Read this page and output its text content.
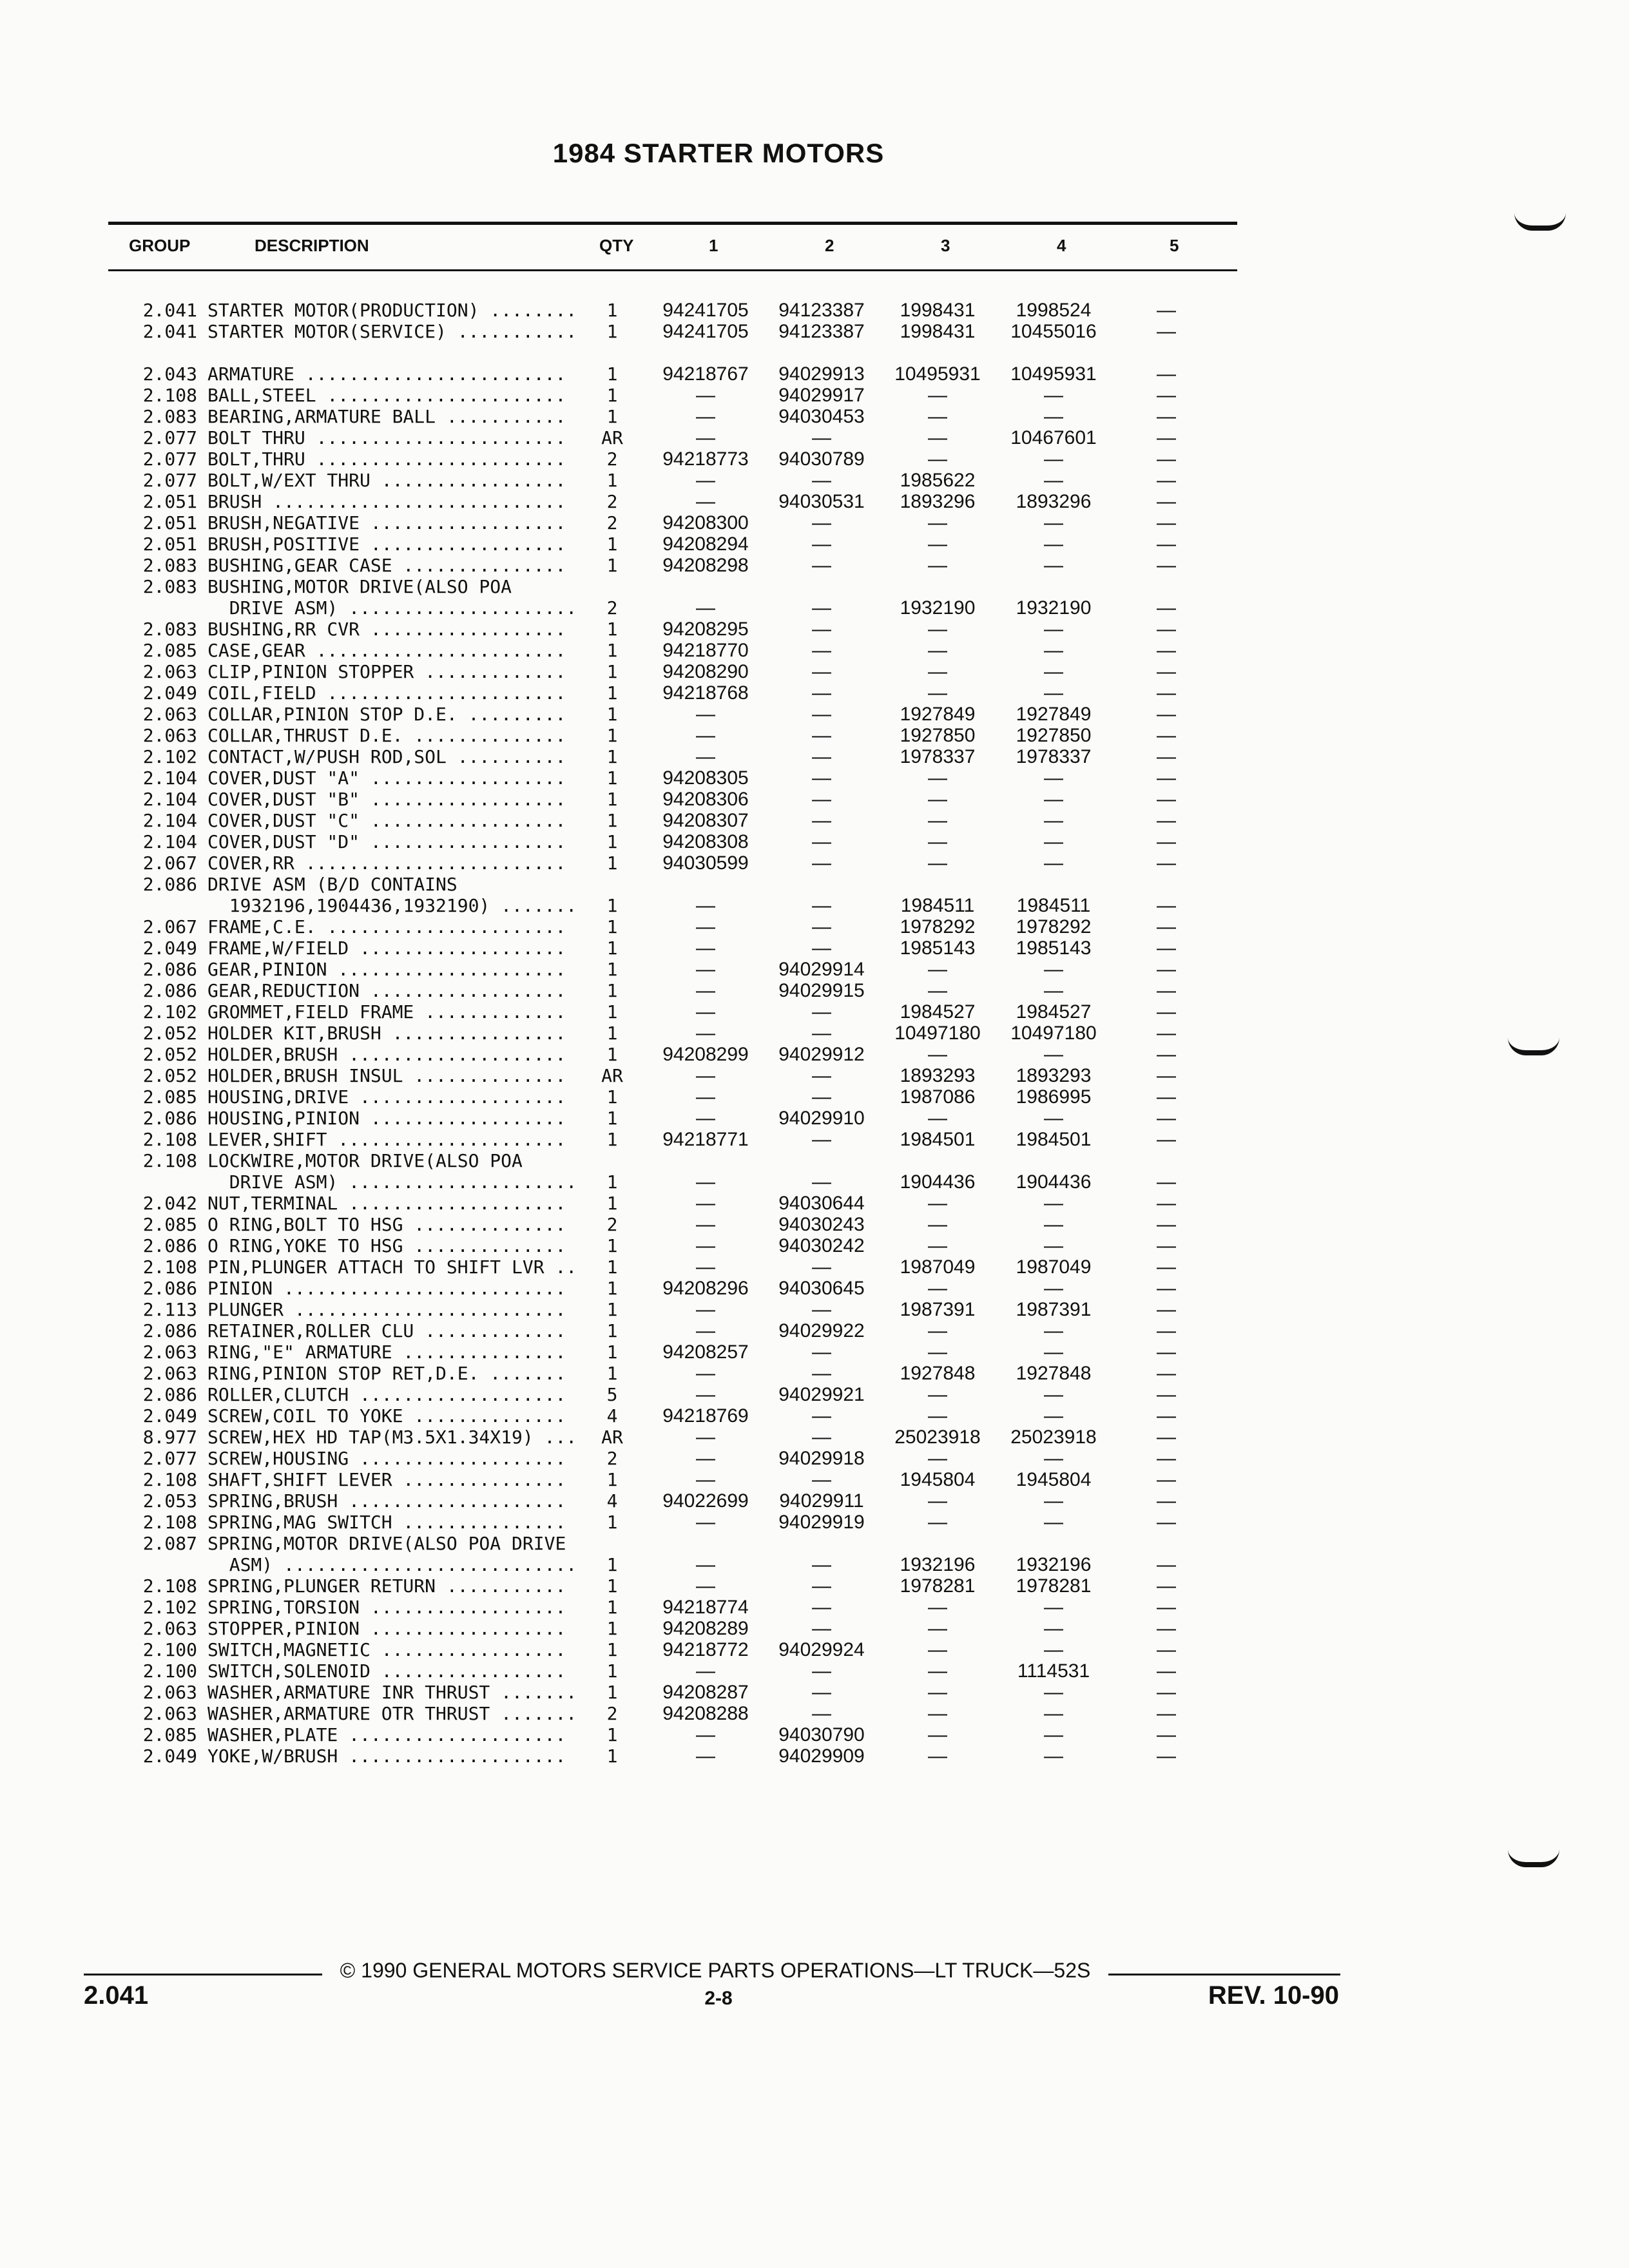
1984 STARTER MOTORS
GROUP	DESCRIPTION	QTY	1	2	3	4	5
2.041 STARTER MOTOR(PRODUCTION) ........	1	94241705	94123387	1998431	1998524	—
2.041 STARTER MOTOR(SERVICE) ...........	1	94241705	94123387	1998431	10455016	—
2.043 ARMATURE ........................	1	94218767	94029913	10495931	10495931	—
2.108 BALL,STEEL ......................	1	—	94029917	—	—	—
2.083 BEARING,ARMATURE BALL ...........	1	—	94030453	—	—	—
2.077 BOLT THRU .......................	AR	—	—	—	10467601	—
2.077 BOLT,THRU .......................	2	94218773	94030789	—	—	—
2.077 BOLT,W/EXT THRU .................	1	—	—	1985622	—	—
2.051 BRUSH ...........................	2	—	94030531	1893296	1893296	—
2.051 BRUSH,NEGATIVE ..................	2	94208300	—	—	—	—
2.051 BRUSH,POSITIVE ..................	1	94208294	—	—	—	—
2.083 BUSHING,GEAR CASE ...............	1	94208298	—	—	—	—
2.083 BUSHING,MOTOR DRIVE(ALSO POA
DRIVE ASM) .....................	2	—	—	1932190	1932190	—
2.083 BUSHING,RR CVR ..................	1	94208295	—	—	—	—
2.085 CASE,GEAR .......................	1	94218770	—	—	—	—
2.063 CLIP,PINION STOPPER .............	1	94208290	—	—	—	—
2.049 COIL,FIELD ......................	1	94218768	—	—	—	—
2.063 COLLAR,PINION STOP D.E. .........	1	—	—	1927849	1927849	—
2.063 COLLAR,THRUST D.E. ..............	1	—	—	1927850	1927850	—
2.102 CONTACT,W/PUSH ROD,SOL ..........	1	—	—	1978337	1978337	—
2.104 COVER,DUST "A" ..................	1	94208305	—	—	—	—
2.104 COVER,DUST "B" ..................	1	94208306	—	—	—	—
2.104 COVER,DUST "C" ..................	1	94208307	—	—	—	—
2.104 COVER,DUST "D" ..................	1	94208308	—	—	—	—
2.067 COVER,RR ........................	1	94030599	—	—	—	—
2.086 DRIVE ASM (B/D CONTAINS
1932196,1904436,1932190) .......	1	—	—	1984511	1984511	—
2.067 FRAME,C.E. ......................	1	—	—	1978292	1978292	—
2.049 FRAME,W/FIELD ...................	1	—	—	1985143	1985143	—
2.086 GEAR,PINION .....................	1	—	94029914	—	—	—
2.086 GEAR,REDUCTION ..................	1	—	94029915	—	—	—
2.102 GROMMET,FIELD FRAME .............	1	—	—	1984527	1984527	—
2.052 HOLDER KIT,BRUSH ................	1	—	—	10497180	10497180	—
2.052 HOLDER,BRUSH ....................	1	94208299	94029912	—	—	—
2.052 HOLDER,BRUSH INSUL ..............	AR	—	—	1893293	1893293	—
2.085 HOUSING,DRIVE ...................	1	—	—	1987086	1986995	—
2.086 HOUSING,PINION ..................	1	—	94029910	—	—	—
2.108 LEVER,SHIFT .....................	1	94218771	—	1984501	1984501	—
2.108 LOCKWIRE,MOTOR DRIVE(ALSO POA
DRIVE ASM) .....................	1	—	—	1904436	1904436	—
2.042 NUT,TERMINAL ....................	1	—	94030644	—	—	—
2.085 O RING,BOLT TO HSG ..............	2	—	94030243	—	—	—
2.086 O RING,YOKE TO HSG ..............	1	—	94030242	—	—	—
2.108 PIN,PLUNGER ATTACH TO SHIFT LVR ..	1	—	—	1987049	1987049	—
2.086 PINION ..........................	1	94208296	94030645	—	—	—
2.113 PLUNGER .........................	1	—	—	1987391	1987391	—
2.086 RETAINER,ROLLER CLU .............	1	—	94029922	—	—	—
2.063 RING,"E" ARMATURE ...............	1	94208257	—	—	—	—
2.063 RING,PINION STOP RET,D.E. .......	1	—	—	1927848	1927848	—
2.086 ROLLER,CLUTCH ...................	5	—	94029921	—	—	—
2.049 SCREW,COIL TO YOKE ..............	4	94218769	—	—	—	—
8.977 SCREW,HEX HD TAP(M3.5X1.34X19) ...	AR	—	—	25023918	25023918	—
2.077 SCREW,HOUSING ...................	2	—	94029918	—	—	—
2.108 SHAFT,SHIFT LEVER ...............	1	—	—	1945804	1945804	—
2.053 SPRING,BRUSH ....................	4	94022699	94029911	—	—	—
2.108 SPRING,MAG SWITCH ...............	1	—	94029919	—	—	—
2.087 SPRING,MOTOR DRIVE(ALSO POA DRIVE
ASM) ...........................	1	—	—	1932196	1932196	—
2.108 SPRING,PLUNGER RETURN ...........	1	—	—	1978281	1978281	—
2.102 SPRING,TORSION ..................	1	94218774	—	—	—	—
2.063 STOPPER,PINION ..................	1	94208289	—	—	—	—
2.100 SWITCH,MAGNETIC .................	1	94218772	94029924	—	—	—
2.100 SWITCH,SOLENOID .................	1	—	—	—	1114531	—
2.063 WASHER,ARMATURE INR THRUST .......	1	94208287	—	—	—	—
2.063 WASHER,ARMATURE OTR THRUST .......	2	94208288	—	—	—	—
2.085 WASHER,PLATE ....................	1	—	94030790	—	—	—
2.049 YOKE,W/BRUSH ....................	1	—	94029909	—	—	—
© 1990 GENERAL MOTORS SERVICE PARTS OPERATIONS—LT TRUCK—52S
2-8
2.041	REV. 10-90
